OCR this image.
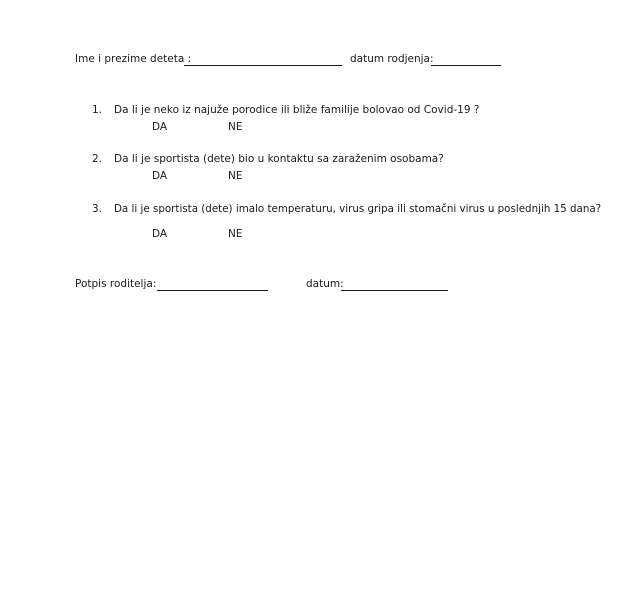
Ime i prezime deteta :	datum rodjenja:
1. Da li je neko iz najuže porodice ili bliže familije bolovao od Covid-19 ?
DA	NE
2. Da li je sportista (dete) bio u kontaktu sa zaraženim osobama?
DA	NE
3. Da li je sportista (dete) imalo temperaturu, virus gripa ili stomačni virus u poslednjih 15 dana?
DA	NE
Potpis roditelja:	datum:
